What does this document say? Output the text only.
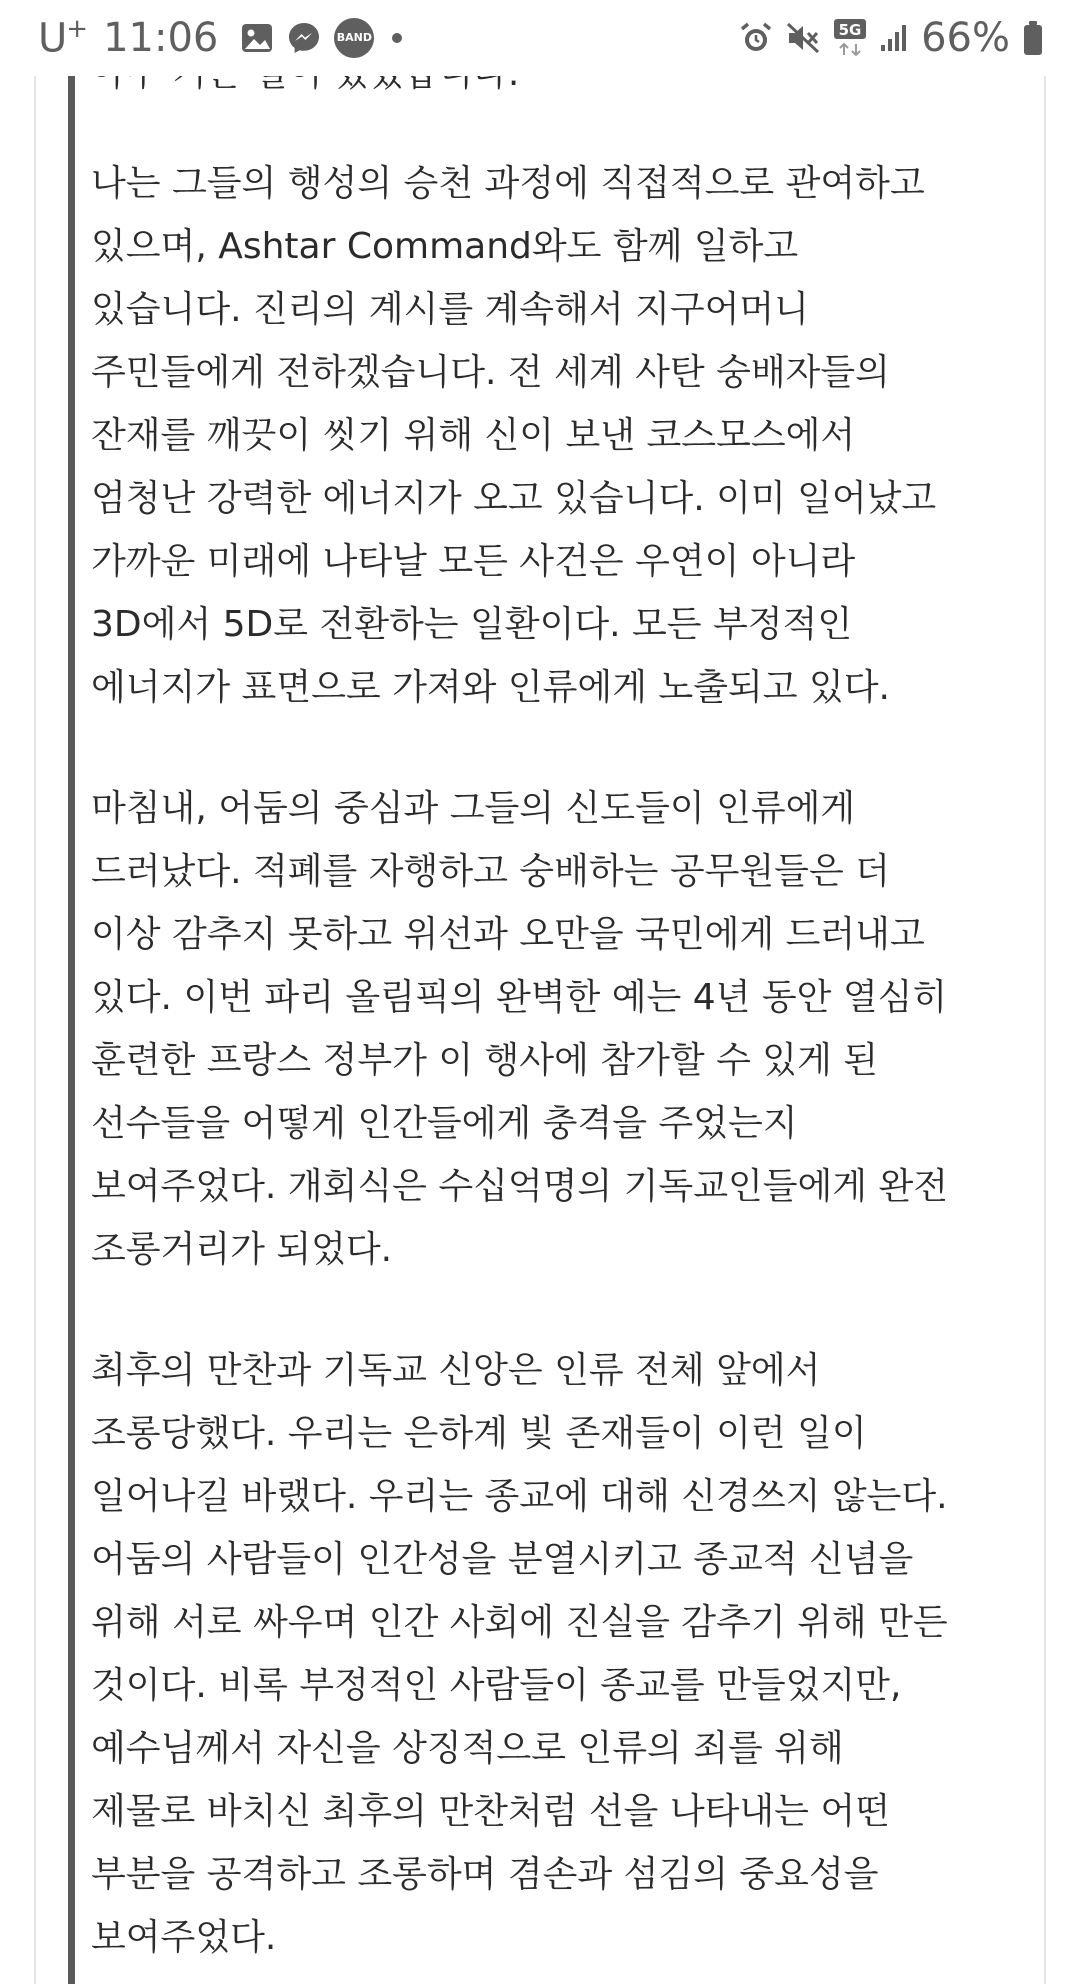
U+ 11:06	BAND	5G 66%
나는 그들의 행성의 승천 과정에 직접적으로 관여하고
있으며, Ashtar Command와도 함께 일하고
있습니다. 진리의 계시를 계속해서 지구어머니
주민들에게 전하겠습니다. 전 세계 사탄 숭배자들의
잔재를 깨끗이 씻기 위해 신이 보낸 코스모스에서
엄청난 강력한 에너지가 오고 있습니다. 이미 일어났고
가까운 미래에 나타날 모든 사건은 우연이 아니라
3D에서 5D로 전환하는 일환이다. 모든 부정적인
에너지가 표면으로 가져와 인류에게 노출되고 있다.
마침내, 어둠의 중심과 그들의 신도들이 인류에게
드러났다. 적폐를 자행하고 숭배하는 공무원들은 더
이상 감추지 못하고 위선과 오만을 국민에게 드러내고
있다. 이번 파리 올림픽의 완벽한 예는 4년 동안 열심히
훈련한 프랑스 정부가 이 행사에 참가할 수 있게 된
선수들을 어떻게 인간들에게 충격을 주었는지
보여주었다. 개회식은 수십억명의 기독교인들에게 완전
조롱거리가 되었다.
최후의 만찬과 기독교 신앙은 인류 전체 앞에서
조롱당했다. 우리는 은하계 빛 존재들이 이런 일이
일어나길 바랬다. 우리는 종교에 대해 신경쓰지 않는다.
어둠의 사람들이 인간성을 분열시키고 종교적 신념을
위해 서로 싸우며 인간 사회에 진실을 감추기 위해 만든
것이다. 비록 부정적인 사람들이 종교를 만들었지만,
예수님께서 자신을 상징적으로 인류의 죄를 위해
제물로 바치신 최후의 만찬처럼 선을 나타내는 어떤
부분을 공격하고 조롱하며 겸손과 섬김의 중요성을
보여주었다.
